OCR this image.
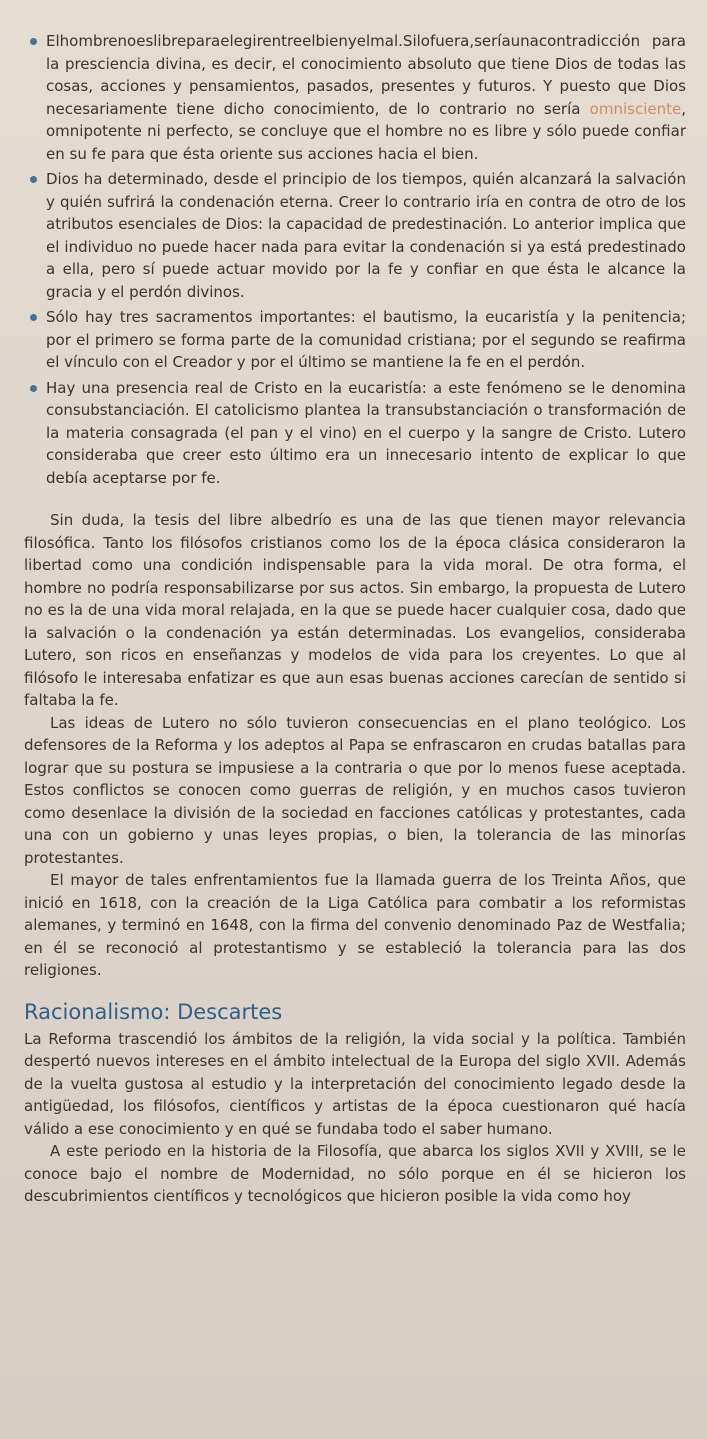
Elhombrenoeslibreparaelegirentreelbienyelmal.Silofuera,seríaunacontradicción para la presciencia divina, es decir, el conocimiento absoluto que tiene Dios de todas las cosas, acciones y pensamientos, pasados, presentes y futuros. Y puesto que Dios necesariamente tiene dicho conocimiento, de lo contrario no sería omnisciente, omnipotente ni perfecto, se concluye que el hombre no es libre y sólo puede confiar en su fe para que ésta oriente sus acciones hacia el bien.
Dios ha determinado, desde el principio de los tiempos, quién alcanzará la salvación y quién sufrirá la condenación eterna. Creer lo contrario iría en contra de otro de los atributos esenciales de Dios: la capacidad de predestinación. Lo anterior implica que el individuo no puede hacer nada para evitar la condenación si ya está predestinado a ella, pero sí puede actuar movido por la fe y confiar en que ésta le alcance la gracia y el perdón divinos.
Sólo hay tres sacramentos importantes: el bautismo, la eucaristía y la penitencia; por el primero se forma parte de la comunidad cristiana; por el segundo se reafirma el vínculo con el Creador y por el último se mantiene la fe en el perdón.
Hay una presencia real de Cristo en la eucaristía: a este fenómeno se le denomina consubstanciación. El catolicismo plantea la transubstanciación o transformación de la materia consagrada (el pan y el vino) en el cuerpo y la sangre de Cristo. Lutero consideraba que creer esto último era un innecesario intento de explicar lo que debía aceptarse por fe.

Sin duda, la tesis del libre albedrío es una de las que tienen mayor relevancia filosófica. Tanto los filósofos cristianos como los de la época clásica consideraron la libertad como una condición indispensable para la vida moral. De otra forma, el hombre no podría responsabilizarse por sus actos. Sin embargo, la propuesta de Lutero no es la de una vida moral relajada, en la que se puede hacer cualquier cosa, dado que la salvación o la condenación ya están determinadas. Los evangelios, consideraba Lutero, son ricos en enseñanzas y modelos de vida para los creyentes. Lo que al filósofo le interesaba enfatizar es que aun esas buenas acciones carecían de sentido si faltaba la fe.

Las ideas de Lutero no sólo tuvieron consecuencias en el plano teológico. Los defensores de la Reforma y los adeptos al Papa se enfrascaron en crudas batallas para lograr que su postura se impusiese a la contraria o que por lo menos fuese aceptada. Estos conflictos se conocen como guerras de religión, y en muchos casos tuvieron como desenlace la división de la sociedad en facciones católicas y protestantes, cada una con un gobierno y unas leyes propias, o bien, la tolerancia de las minorías protestantes.

El mayor de tales enfrentamientos fue la llamada guerra de los Treinta Años, que inició en 1618, con la creación de la Liga Católica para combatir a los reformistas alemanes, y terminó en 1648, con la firma del convenio denominado Paz de Westfalia; en él se reconoció al protestantismo y se estableció la tolerancia para las dos religiones.

Racionalismo: Descartes

La Reforma trascendió los ámbitos de la religión, la vida social y la política. También despertó nuevos intereses en el ámbito intelectual de la Europa del siglo XVII. Además de la vuelta gustosa al estudio y la interpretación del conocimiento legado desde la antigüedad, los filósofos, científicos y artistas de la época cuestionaron qué hacía válido a ese conocimiento y en qué se fundaba todo el saber humano.

A este periodo en la historia de la Filosofía, que abarca los siglos XVII y XVIII, se le conoce bajo el nombre de Modernidad, no sólo porque en él se hicieron los descubrimientos científicos y tecnológicos que hicieron posible la vida como hoy
